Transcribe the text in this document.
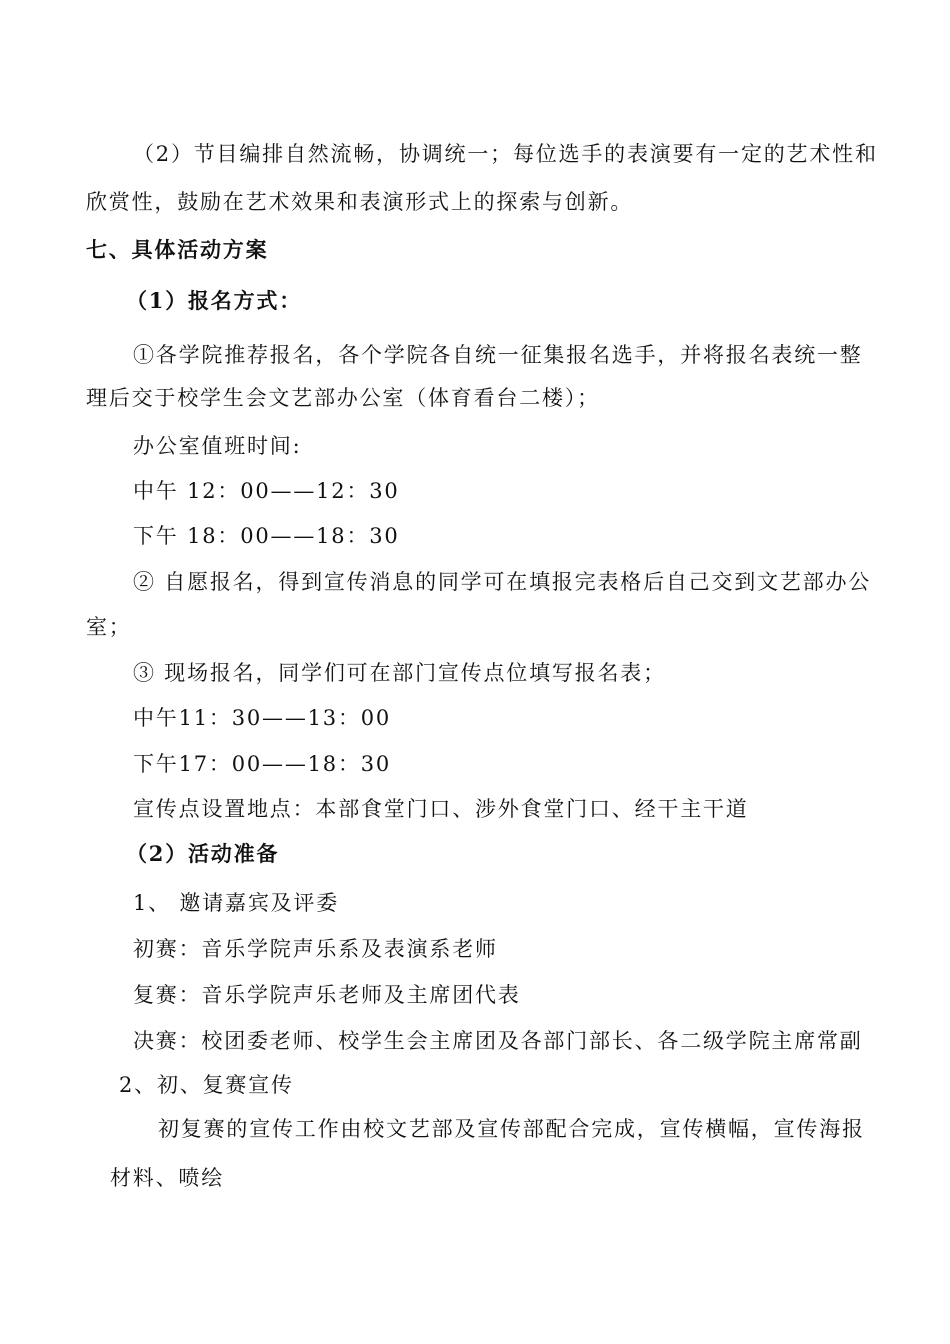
（2）节目编排自然流畅，协调统一；每位选手的表演要有一定的艺术性和
欣赏性，鼓励在艺术效果和表演形式上的探索与创新。
七、具体活动方案
（1）报名方式：
①各学院推荐报名，各个学院各自统一征集报名选手，并将报名表统一整
理后交于校学生会文艺部办公室（体育看台二楼）；
办公室值班时间:
中午 12：00——12：30
下午 18：00——18：30
② 自愿报名，得到宣传消息的同学可在填报完表格后自己交到文艺部办公
室；
③ 现场报名，同学们可在部门宣传点位填写报名表；
中午11：30——13：00
下午17：00——18：30
宣传点设置地点：本部食堂门口、涉外食堂门口、经干主干道
（2）活动准备
1、 邀请嘉宾及评委
初赛：音乐学院声乐系及表演系老师
复赛：音乐学院声乐老师及主席团代表
决赛：校团委老师、校学生会主席团及各部门部长、各二级学院主席常副
2、初、复赛宣传
初复赛的宣传工作由校文艺部及宣传部配合完成，宣传横幅，宣传海报
材料、喷绘
